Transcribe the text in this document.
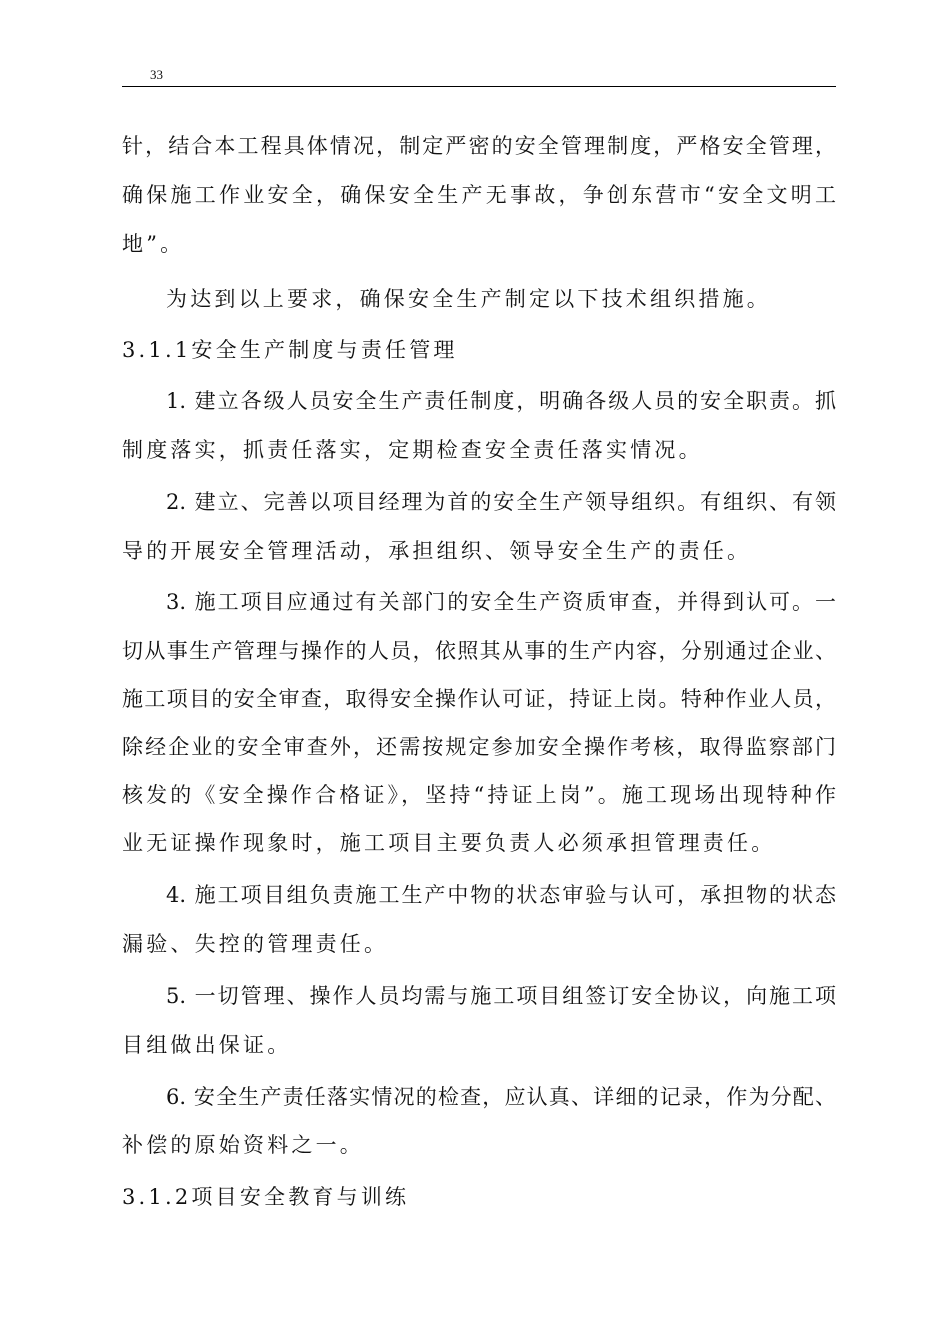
33
针，结合本工程具体情况，制定严密的安全管理制度，严格安全管理，
确保施工作业安全，确保安全生产无事故，争创东营市“安全文明工
地”。
为达到以上要求，确保安全生产制定以下技术组织措施。
3.1.1安全生产制度与责任管理
1. 建立各级人员安全生产责任制度，明确各级人员的安全职责。抓
制度落实，抓责任落实，定期检查安全责任落实情况。
2. 建立、完善以项目经理为首的安全生产领导组织。有组织、有领
导的开展安全管理活动，承担组织、领导安全生产的责任。
3. 施工项目应通过有关部门的安全生产资质审查，并得到认可。一
切从事生产管理与操作的人员，依照其从事的生产内容，分别通过企业、
施工项目的安全审查，取得安全操作认可证，持证上岗。特种作业人员，
除经企业的安全审查外，还需按规定参加安全操作考核，取得监察部门
核发的《安全操作合格证》，坚持“持证上岗”。施工现场出现特种作
业无证操作现象时，施工项目主要负责人必须承担管理责任。
4. 施工项目组负责施工生产中物的状态审验与认可，承担物的状态
漏验、失控的管理责任。
5. 一切管理、操作人员均需与施工项目组签订安全协议，向施工项
目组做出保证。
6. 安全生产责任落实情况的检查，应认真、详细的记录，作为分配、
补偿的原始资料之一。
3.1.2项目安全教育与训练
